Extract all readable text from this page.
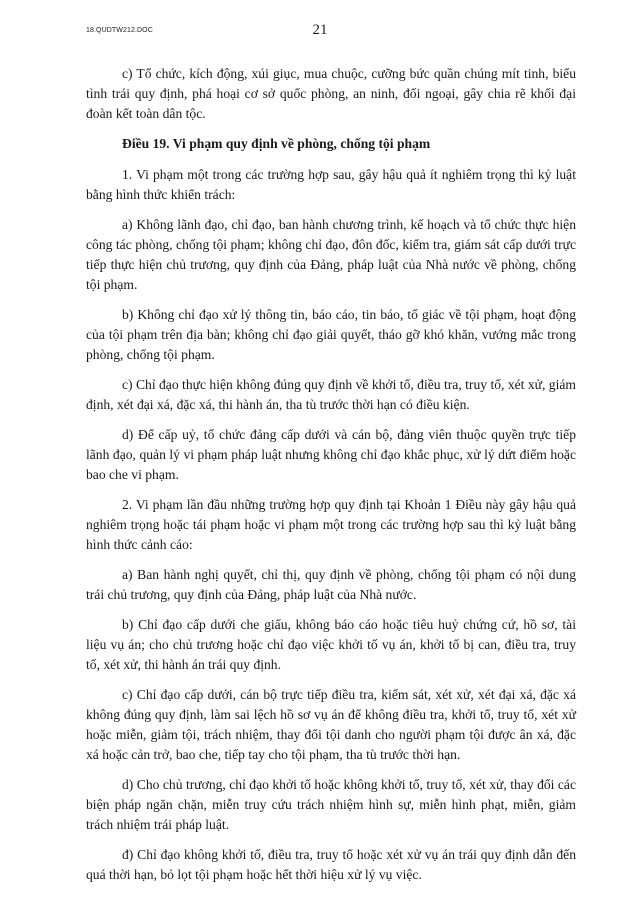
18.QUDTW212.DOC	21

c) Tổ chức, kích động, xúi giục, mua chuộc, cưỡng bức quần chúng mít tinh, biểu tình trái quy định, phá hoại cơ sở quốc phòng, an ninh, đối ngoại, gây chia rẽ khối đại đoàn kết toàn dân tộc.

Điều 19. Vi phạm quy định về phòng, chống tội phạm

1. Vi phạm một trong các trường hợp sau, gây hậu quả ít nghiêm trọng thì kỷ luật bằng hình thức khiển trách:

a) Không lãnh đạo, chỉ đạo, ban hành chương trình, kế hoạch và tổ chức thực hiện công tác phòng, chống tội phạm; không chỉ đạo, đôn đốc, kiểm tra, giám sát cấp dưới trực tiếp thực hiện chủ trương, quy định của Đảng, pháp luật của Nhà nước về phòng, chống tội phạm.

b) Không chỉ đạo xử lý thông tin, báo cáo, tin báo, tố giác về tội phạm, hoạt động của tội phạm trên địa bàn; không chỉ đạo giải quyết, tháo gỡ khó khăn, vướng mắc trong phòng, chống tội phạm.

c) Chỉ đạo thực hiện không đúng quy định về khởi tố, điều tra, truy tố, xét xử, giám định, xét đại xá, đặc xá, thi hành án, tha tù trước thời hạn có điều kiện.

d) Để cấp uỷ, tổ chức đảng cấp dưới và cán bộ, đảng viên thuộc quyền trực tiếp lãnh đạo, quản lý vi phạm pháp luật nhưng không chỉ đạo khắc phục, xử lý dứt điểm hoặc bao che vi phạm.

2. Vi phạm lần đầu những trường hợp quy định tại Khoản 1 Điều này gây hậu quả nghiêm trọng hoặc tái phạm hoặc vi phạm một trong các trường hợp sau thì kỷ luật bằng hình thức cảnh cáo:

a) Ban hành nghị quyết, chỉ thị, quy định về phòng, chống tội phạm có nội dung trái chủ trương, quy định của Đảng, pháp luật của Nhà nước.

b) Chỉ đạo cấp dưới che giấu, không báo cáo hoặc tiêu huỷ chứng cứ, hồ sơ, tài liệu vụ án; cho chủ trương hoặc chỉ đạo việc khởi tố vụ án, khởi tố bị can, điều tra, truy tố, xét xử, thi hành án trái quy định.

c) Chỉ đạo cấp dưới, cán bộ trực tiếp điều tra, kiểm sát, xét xử, xét đại xá, đặc xá không đúng quy định, làm sai lệch hồ sơ vụ án để không điều tra, khởi tố, truy tố, xét xử hoặc miễn, giảm tội, trách nhiệm, thay đổi tội danh cho người phạm tội được ân xá, đặc xá hoặc cản trở, bao che, tiếp tay cho tội phạm, tha tù trước thời hạn.

d) Cho chủ trương, chỉ đạo khởi tố hoặc không khởi tố, truy tố, xét xử, thay đổi các biện pháp ngăn chặn, miễn truy cứu trách nhiệm hình sự, miễn hình phạt, miễn, giảm trách nhiệm trái pháp luật.

đ) Chỉ đạo không khởi tố, điều tra, truy tố hoặc xét xử vụ án trái quy định dẫn đến quá thời hạn, bỏ lọt tội phạm hoặc hết thời hiệu xử lý vụ việc.
